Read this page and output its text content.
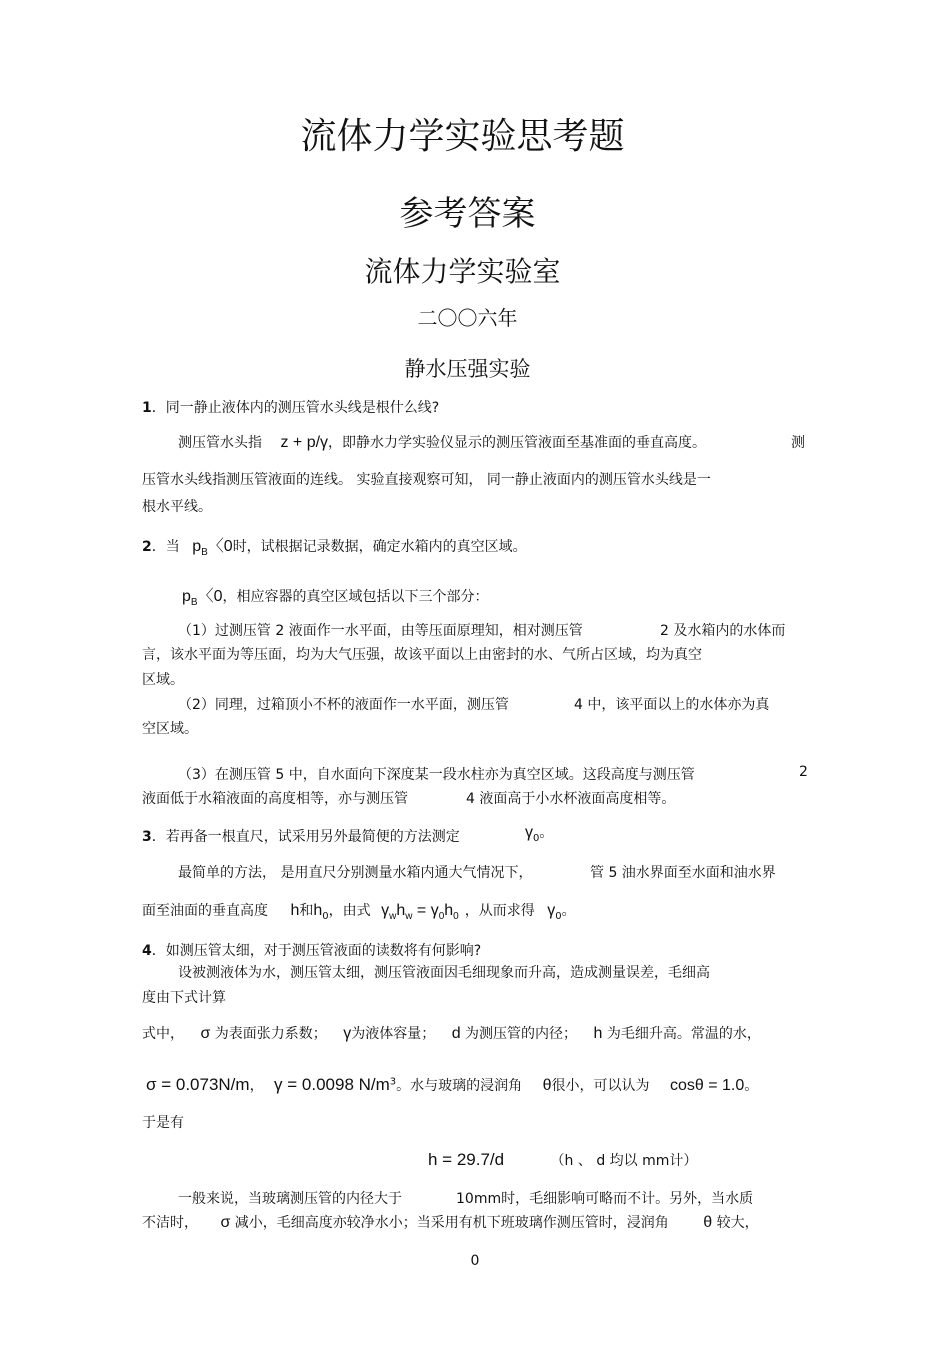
流体力学实验思考题
参考答案
流体力学实验室
二〇〇六年
静水压强实验
1．同一静止液体内的测压管水头线是根什么线?
测压管水头指 z + p/γ，即静水力学实验仪显示的测压管液面至基准面的垂直高度。	测
压管水头线指测压管液面的连线。 实验直接观察可知， 同一静止液面内的测压管水头线是一
根水平线。
2．当 $p_B$〈0时，试根据记录数据，确定水箱内的真空区域。
$p_B$〈0，相应容器的真空区域包括以下三个部分：
（1）过测压管 2 液面作一水平面，由等压面原理知，相对测压管	2 及水箱内的水体而
言，该水平面为等压面，均为大气压强，故该平面以上由密封的水、气所占区域，均为真空
区域。
（2）同理，过箱顶小不杯的液面作一水平面，测压管	4 中，该平面以上的水体亦为真
空区域。
（3）在测压管 5 中，自水面向下深度某一段水柱亦为真空区域。这段高度与测压管	2
液面低于水箱液面的高度相等，亦与测压管	4 液面高于小水杯液面高度相等。
3．若再备一根直尺，试采用另外最简便的方法测定	$\gamma_0$。
最简单的方法， 是用直尺分别测量水箱内通大气情况下，	管 5 油水界面至水面和油水界
面至油面的垂直高度 h和$h_0$，由式 $\gamma_wh_w = \gamma_0h_0$ ，从而求得 $\gamma_0$。
4．如测压管太细，对于测压管液面的读数将有何影响?
设被测液体为水，测压管太细，测压管液面因毛细现象而升高，造成测量误差，毛细高
度由下式计算
式中， σ 为表面张力系数； γ为液体容量； d 为测压管的内径； h 为毛细升高。常温的水，
σ = 0.073N/m， γ = 0.0098 $N/m^3$。水与玻璃的浸润角 θ很小，可以认为 cosθ = 1.0。
于是有
h = 29.7/d	（h 、 d 均以 mm计）
一般来说，当玻璃测压管的内径大于	10mm时，毛细影响可略而不计。另外，当水质
不洁时， σ 减小，毛细高度亦较净水小；当采用有机下班玻璃作测压管时，浸润角 θ 较大，
0
